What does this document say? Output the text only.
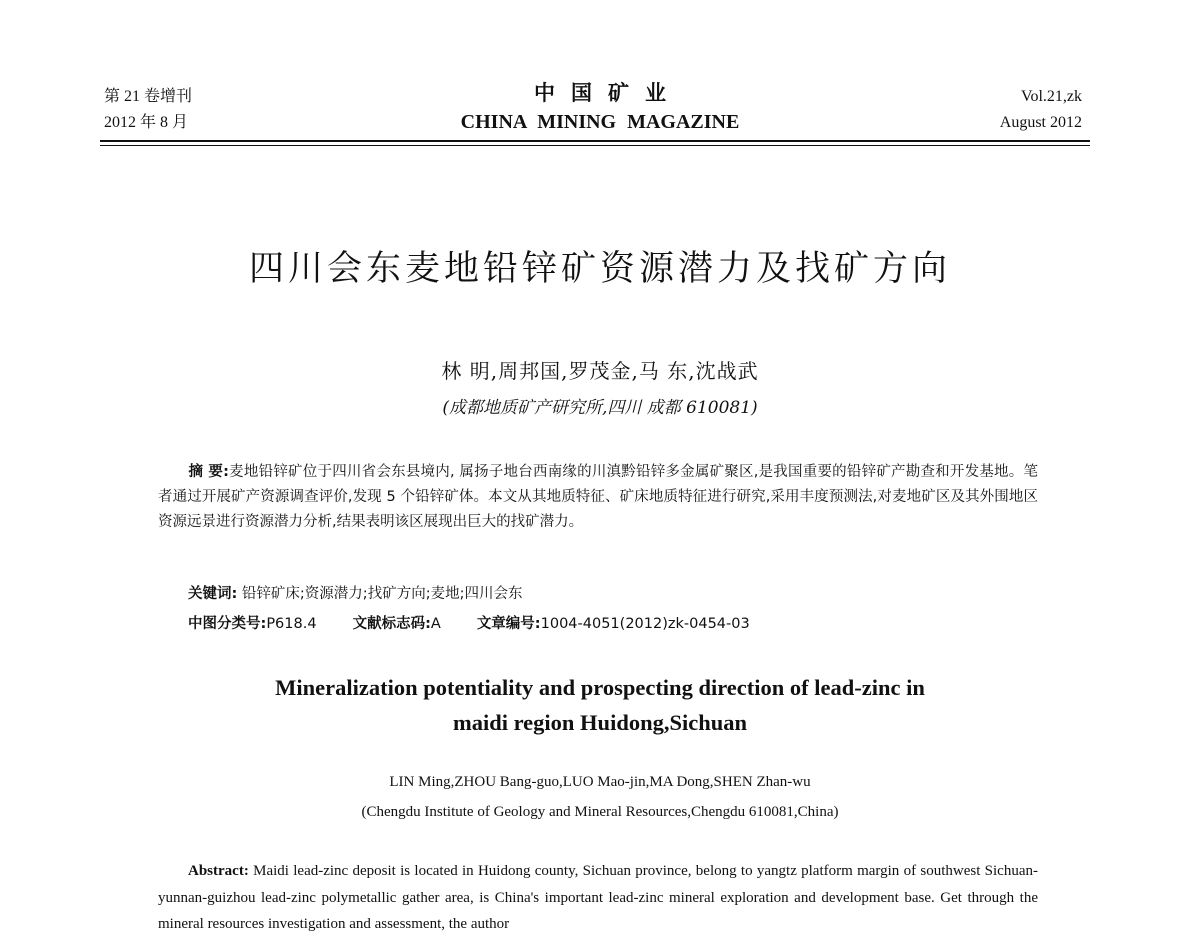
第 21 卷增刊
2012 年 8 月
中国矿业
CHINA MINING MAGAZINE
Vol.21,zk
August 2012
四川会东麦地铅锌矿资源潜力及找矿方向
林 明,周邦国,罗茂金,马 东,沈战武
(成都地质矿产研究所,四川 成都 610081)
摘 要:麦地铅锌矿位于四川省会东县境内, 属扬子地台西南缘的川滇黔铅锌多金属矿聚区,是我国重要的铅锌矿产勘查和开发基地。笔者通过开展矿产资源调查评价,发现 5 个铅锌矿体。本文从其地质特征、矿床地质特征进行研究,采用丰度预测法,对麦地矿区及其外围地区资源远景进行资源潜力分析,结果表明该区展现出巨大的找矿潜力。
关键词: 铅锌矿床;资源潜力;找矿方向;麦地;四川会东
中图分类号:P618.4 文献标志码:A 文章编号:1004-4051(2012)zk-0454-03
Mineralization potentiality and prospecting direction of lead-zinc in
maidi region Huidong,Sichuan
LIN Ming,ZHOU Bang-guo,LUO Mao-jin,MA Dong,SHEN Zhan-wu
(Chengdu Institute of Geology and Mineral Resources,Chengdu 610081,China)
Abstract: Maidi lead-zinc deposit is located in Huidong county, Sichuan province, belong to yangtz platform margin of southwest Sichuan-yunnan-guizhou lead-zinc polymetallic gather area, is China's important lead-zinc mineral exploration and development base. Get through the mineral resources investigation and assessment, the author
